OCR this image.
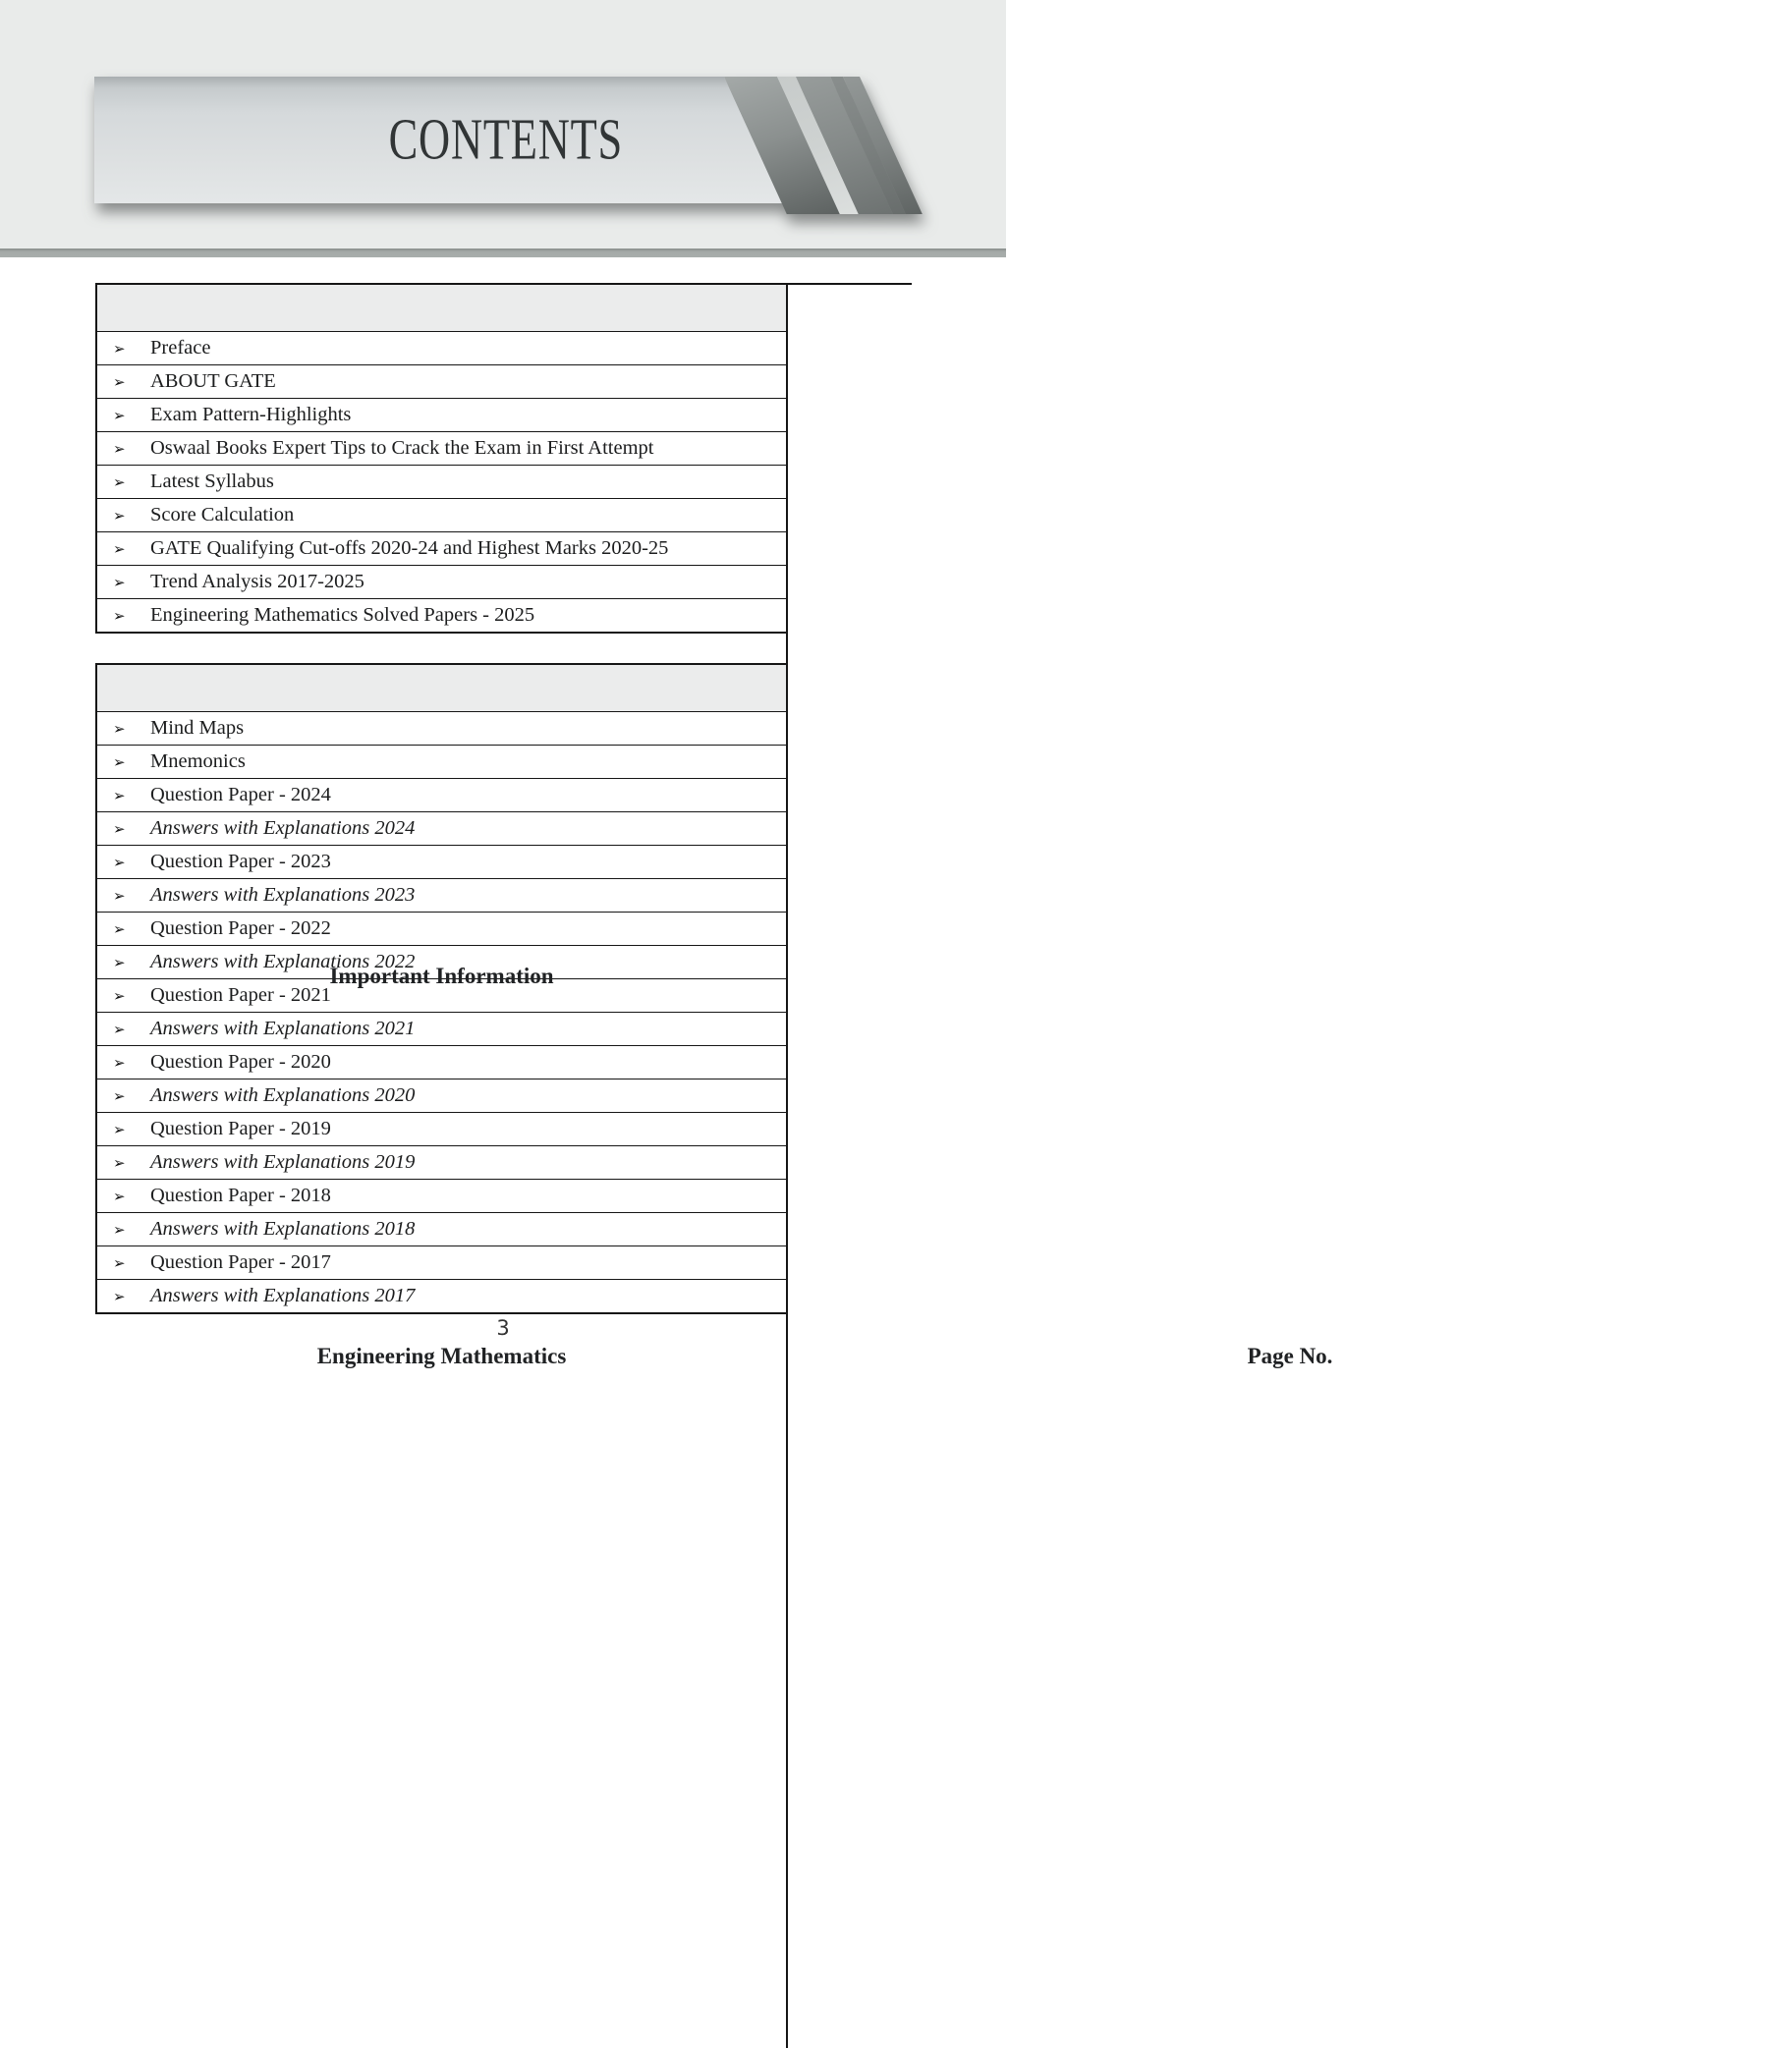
CONTENTS
Important Information
➢	Preface
➢	ABOUT GATE
➢	Exam Pattern-Highlights
➢	Oswaal Books Expert Tips to Crack the Exam in First Attempt
➢	Latest Syllabus
➢	Score Calculation
➢	GATE Qualifying Cut-offs 2020-24 and Highest Marks 2020-25
➢	Trend Analysis 2017-2025
➢	Engineering Mathematics Solved Papers - 2025
Engineering Mathematics	Page No.
➢	Mind Maps
➢	Mnemonics
➢	Question Paper - 2024
➢	Answers with Explanations 2024
➢	Question Paper - 2023
➢	Answers with Explanations 2023
➢	Question Paper - 2022
➢	Answers with Explanations 2022
➢	Question Paper - 2021
➢	Answers with Explanations 2021
➢	Question Paper - 2020
➢	Answers with Explanations 2020
➢	Question Paper - 2019
➢	Answers with Explanations 2019
➢	Question Paper - 2018
➢	Answers with Explanations 2018
➢	Question Paper - 2017
➢	Answers with Explanations 2017
3
